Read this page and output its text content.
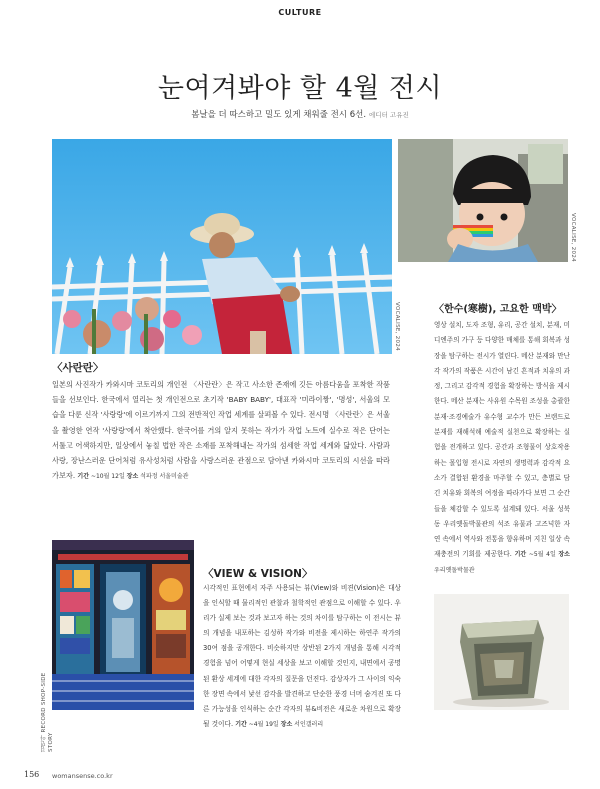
CULTURE
눈여겨봐야 할 4월 전시
봄날을 더 따스하고 밀도 있게 채워줄 전시 6선. 에디터 고유진
VOCALISE, 2024
VOCALISE, 2024
〈사란란〉
일본의 사진작가 카와시마 코토리의 개인전 〈사란란〉은 작고 사소한 존재에 깃든 아름다움을 포착한 작품들을 선보인다. 한국에서 열리는 첫 개인전으로 초기작 'BABY BABY', 대표작 '미라이짱', '명성', 서울의 모습을 다룬 신작 '사랑랑'에 이르기까지 그의 전반적인 작업 세계를 살펴볼 수 있다. 전시명 〈사란란〉은 서울을 촬영한 연작 '사랑랑'에서 착안했다. 한국어를 거의 알지 못하는 작가가 작업 노트에 실수로 적은 단어는 서툴고 어색하지만, 일상에서 놓칠 법한 작은 소재를 포착해내는 작가의 섬세한 작업 세계와 닮았다. 사람과 사랑, 장난스러운 단어처럼 유사성처럼 사람을 사랑스러운 관점으로 담아낸 카와시마 코토리의 시선을 따라가보자. 기간 ~10월 12일 장소 석파정 서울미술관
〈한수(寒樹), 고요한 맥박〉
영상 설치, 도자 조형, 유리, 공간 설치, 분재, 미디엔주의 가구 등 다양한 매체를 통해 회복과 성장을 탐구하는 전시가 열린다. 메산 분재와 만난 각 작가의 작품은 시간이 남긴 흔적과 치유의 과정, 그리고 감각적 경험을 확장하는 방식을 제시한다. 메산 분재는 사유원 수목원 조성을 총괄한 분재·조경예술가 유수형 교수가 만든 브랜드로 분재를 재해석해 예술적 실천으로 확장하는 실험을 전개하고 있다. 공간과 조형물이 상호작용하는 몰입형 전시로 자연의 생명력과 감각적 요소가 결합된 환경을 마주할 수 있고, 층별로 담긴 치유와 회복의 여정을 따라가다 보면 그 순간들을 체감할 수 있도록 설계돼 있다. 서울 성북동 우리옛돌박물관의 석조 유물과 고즈넉한 자연 속에서 역사와 전통을 향유하며 지친 일상 속 재충전의 기회를 제공한다. 기간 ~5월 4일 장소 우리옛돌박물관
김민아 RECORD SHOP-SIDE STORY
〈VIEW & VISION〉
시각적인 표현에서 자주 사용되는 뷰(View)와 비젼(Vision)은 대상을 인식할 때 물리적인 관찰과 철학적인 관점으로 이해할 수 있다. 우리가 실제 보는 것과 보고자 하는 것의 차이를 탐구하는 이 전시는 뷰의 개념을 내포하는 김성하 작가와 비전을 제시하는 하연주 작가의 30여 점을 공개한다. 비슷하지만 상반된 2가지 개념을 통해 시각적 경험을 넘어 어떻게 현실 세상을 보고 이해할 것인지, 내면에서 공명된 환상 세계에 대한 각자의 질문을 던진다. 감상자가 그 사이의 익숙한 장면 속에서 낯선 감각을 발견하고 단순한 풍경 너머 숨겨진 또 다른 가능성을 인식하는 순간 각자의 뷰&비전은 새로운 차원으로 확장될 것이다. 기간 ~4월 19일 장소 서인갤러리
156 womansense.co.kr
